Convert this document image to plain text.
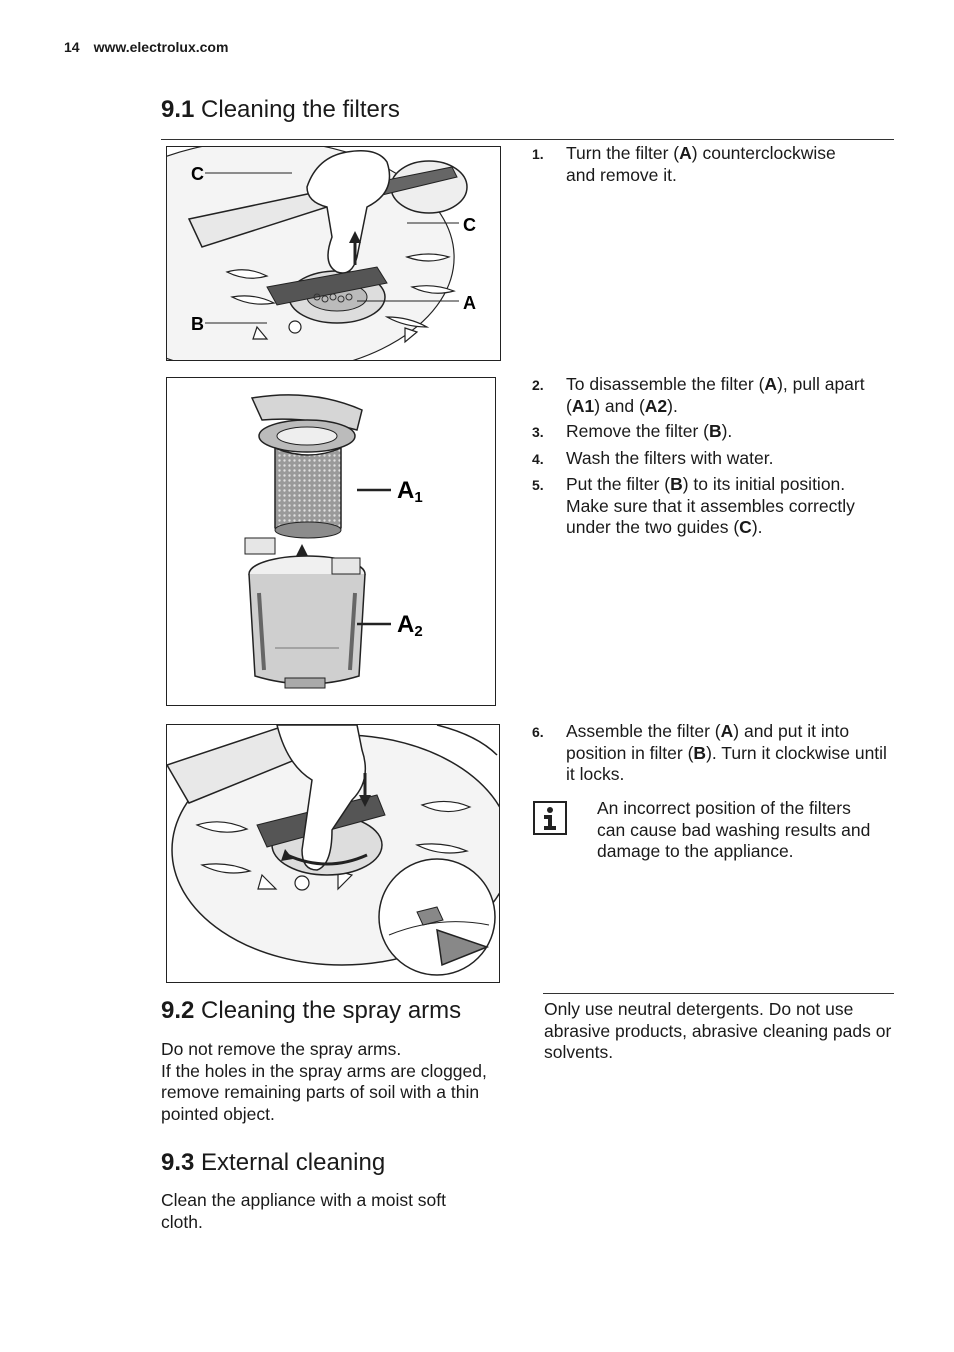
14 www.electrolux.com
9.1 Cleaning the filters
C
C
A
B
1.	Turn the filter (A) counterclockwise and remove it.
A1
A2
2.	To disassemble the filter (A), pull apart (A1) and (A2).
3.	Remove the filter (B).
4.	Wash the filters with water.
5.	Put the filter (B) to its initial position. Make sure that it assembles correctly under the two guides (C).
6.	Assemble the filter (A) and put it into position in filter (B). Turn it clockwise until it locks.
An incorrect position of the filters can cause bad washing results and damage to the appliance.
9.2 Cleaning the spray arms
Do not remove the spray arms.
If the holes in the spray arms are clogged, remove remaining parts of soil with a thin pointed object.
Only use neutral detergents. Do not use abrasive products, abrasive cleaning pads or solvents.
9.3 External cleaning
Clean the appliance with a moist soft cloth.
